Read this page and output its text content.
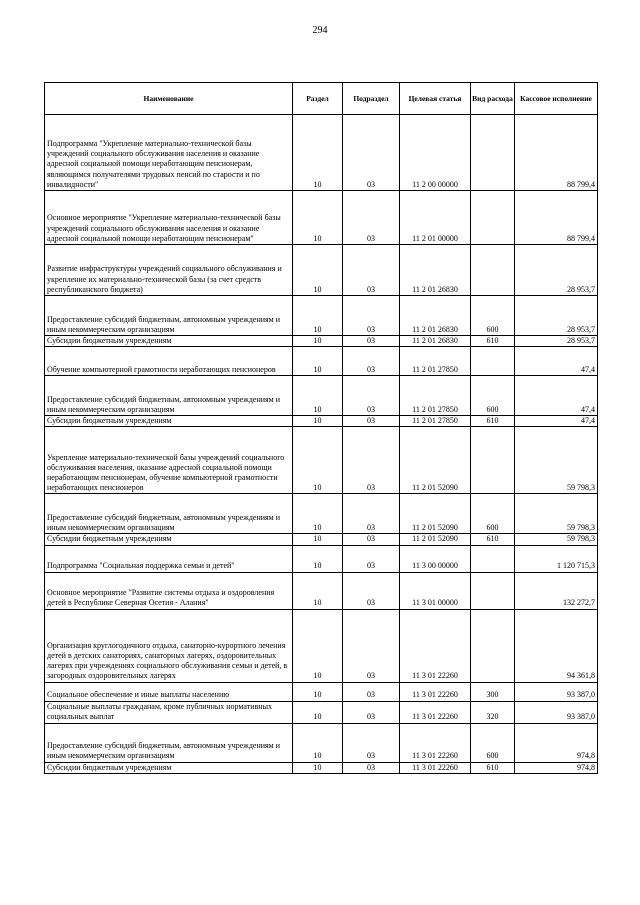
294
Наименование	Раздел	Подраздел	Целевая статья	Вид расхода	Кассовое исполнение
Подпрограмма "Укрепление материально-технической базы учреждений социального обслуживания населения и оказание адресной социальной помощи неработающим пенсионерам, являющимся получателями трудовых пенсий по старости и по инвалидности"	10	03	11 2 00 00000		88 799,4
Основное мероприятие "Укрепление материально-технической базы учреждений социального обслуживания населения и оказание адресной социальной помощи неработающим пенсионерам"	10	03	11 2 01 00000		88 799,4
Развитие инфраструктуры учреждений социального обслуживания и укрепление их материально-технической базы (за счет средств республиканского бюджета)	10	03	11 2 01 26830		28 953,7
Предоставление субсидий бюджетным, автономным учреждениям и иным некоммерческим организациям	10	03	11 2 01 26830	600	28 953,7
Субсидии бюджетным учреждениям	10	03	11 2 01 26830	610	28 953,7
Обучение компьютерной грамотности неработающих пенсионеров	10	03	11 2 01 27850		47,4
Предоставление субсидий бюджетным, автономным учреждениям и иным некоммерческим организациям	10	03	11 2 01 27850	600	47,4
Субсидии бюджетным учреждениям	10	03	11 2 01 27850	610	47,4
Укрепление материально-технической базы учреждений социального обслуживания населения, оказание адресной социальной помощи неработающим пенсионерам, обучение компьютерной грамотности неработающих пенсионеров	10	03	11 2 01 52090		59 798,3
Предоставление субсидий бюджетным, автономным учреждениям и иным некоммерческим организациям	10	03	11 2 01 52090	600	59 798,3
Субсидии бюджетным учреждениям	10	03	11 2 01 52090	610	59 798,3
Подпрограмма "Социальная поддержка семьи и детей"	10	03	11 3 00 00000		1 120 715,3
Основное мероприятие "Развитие системы отдыха и оздоровления детей в Республике Северная Осетия - Алания"	10	03	11 3 01 00000		132 272,7
Организация круглогодичного отдыха, санаторно-курортного лечения детей в детских санаториях, санаторных лагерях, оздоровительных лагерях при учреждениях социального обслуживания семьи и детей, в загородных оздоровительных лагерях	10	03	11 3 01 22260		94 361,8
Социальное обеспечение и иные выплаты населению	10	03	11 3 01 22260	300	93 387,0
Социальные выплаты гражданам, кроме публичных нормативных социальных выплат	10	03	11 3 01 22260	320	93 387,0
Предоставление субсидий бюджетным, автономным учреждениям и иным некоммерческим организациям	10	03	11 3 01 22260	600	974,8
Субсидии бюджетным учреждениям	10	03	11 3 01 22260	610	974,8
